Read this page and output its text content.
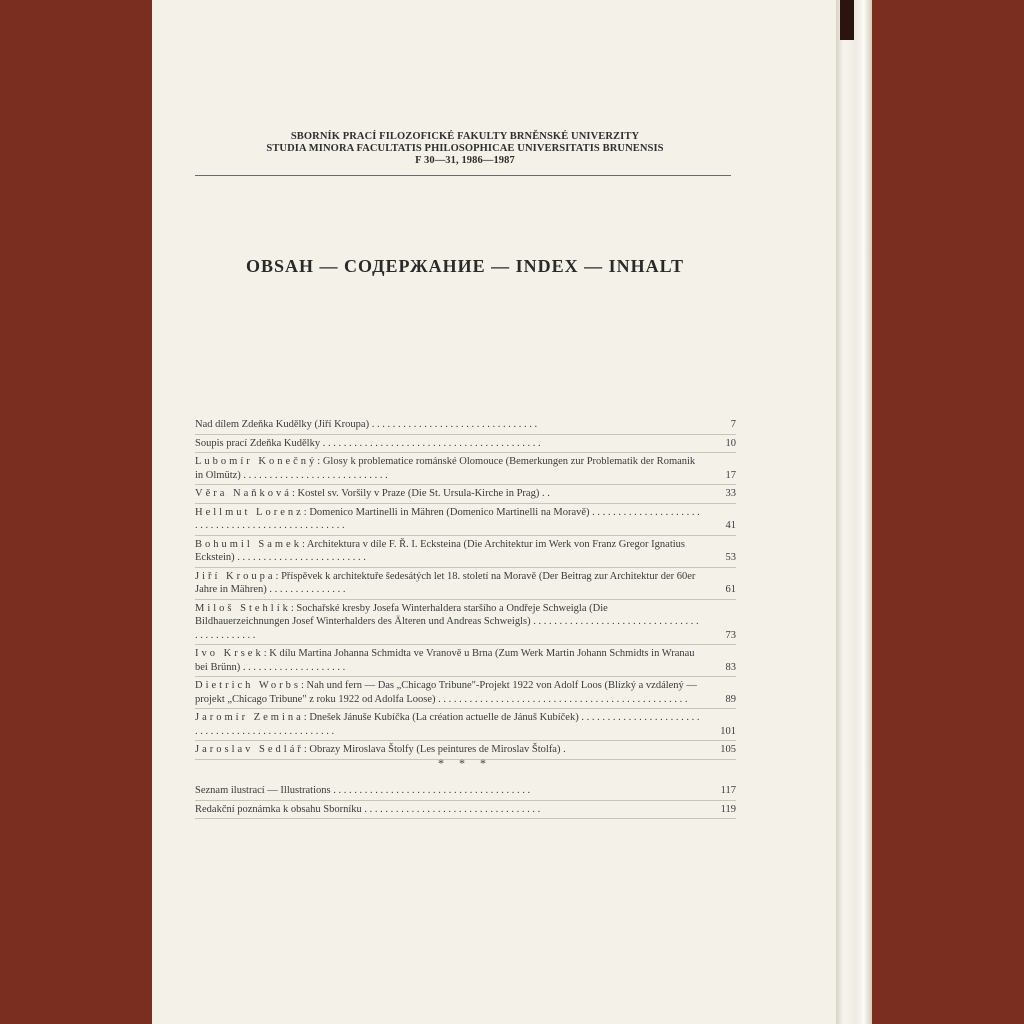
SBORNÍK PRACÍ FILOZOFICKÉ FAKULTY BRNĚNSKÉ UNIVERZITY
STUDIA MINORA FACULTATIS PHILOSOPHICAE UNIVERSITATIS BRUNENSIS
F 30—31, 1986—1987
OBSAH — СОДЕРЖАНИЕ — INDEX — INHALT
Nad dílem Zdeňka Kudělky (Jiří Kroupa) . . . . . . . . . . . . . . . . . . . . . . . . . . . . . . . .	7
Soupis prací Zdeňka Kudělky . . . . . . . . . . . . . . . . . . . . . . . . . . . . . . . . . . . . . . . . . .	10
Lubomír Konečný: Glosy k problematice románské Olomouce (Bemerkungen zur Problematik der Romanik in Olmütz) . . . . . . . . . . . . . . . . . . . . . . . . . . . .	17
Věra Naňková: Kostel sv. Voršily v Praze (Die St. Ursula-Kirche in Prag) . .	33
Hellmut Lorenz: Domenico Martinelli in Mähren (Domenico Martinelli na Moravě) . . . . . . . . . . . . . . . . . . . . . . . . . . . . . . . . . . . . . . . . . . . . . . . . . .	41
Bohumil Samek: Architektura v díle F. Ř. I. Ecksteina (Die Architektur im Werk von Franz Gregor Ignatius Eckstein) . . . . . . . . . . . . . . . . . . . . . . . . .	53
Jiří Kroupa: Příspěvek k architektuře šedesátých let 18. století na Moravě (Der Beitrag zur Architektur der 60er Jahre in Mähren) . . . . . . . . . . . . . . .	61
Miloš Stehlík: Sochařské kresby Josefa Winterhaldera staršího a Ondřeje Schweigla (Die Bildhauerzeichnungen Josef Winterhalders des Älteren und Andreas Schweigls) . . . . . . . . . . . . . . . . . . . . . . . . . . . . . . . . . . . . . . . . . . . .	73
Ivo Krsek: K dílu Martina Johanna Schmidta ve Vranově u Brna (Zum Werk Martin Johann Schmidts in Wranau bei Brünn) . . . . . . . . . . . . . . . . . . . .	83
Dietrich Worbs: Nah und fern — Das „Chicago Tribune"-Projekt 1922 von Adolf Loos (Blízký a vzdálený — projekt „Chicago Tribune" z roku 1922 od Adolfa Loose) . . . . . . . . . . . . . . . . . . . . . . . . . . . . . . . . . . . . . . . . . . . . . . . .	89
Jaromír Zemina: Dnešek Jánuše Kubíčka (La création actuelle de Jánuš Kubíček) . . . . . . . . . . . . . . . . . . . . . . . . . . . . . . . . . . . . . . . . . . . . . . . . . .	101
Jaroslav Sedlář: Obrazy Miroslava Štolfy (Les peintures de Miroslav Štolfa) .	105
* * *
Seznam ilustrací — Illustrations . . . . . . . . . . . . . . . . . . . . . . . . . . . . . . . . . . . . . .	117
Redakční poznámka k obsahu Sborníku . . . . . . . . . . . . . . . . . . . . . . . . . . . . . . . . . .	119
